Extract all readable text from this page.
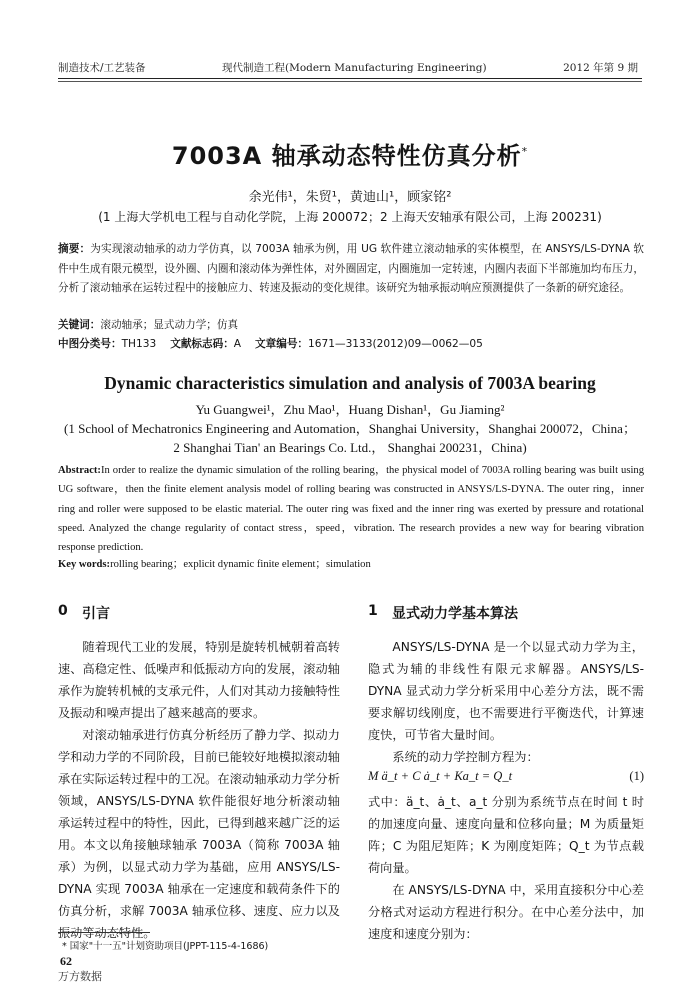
制造技术/工艺装备	现代制造工程(Modern Manufacturing Engineering)	2012 年第 9 期
7003A 轴承动态特性仿真分析*
余光伟¹，朱贸¹，黄迪山¹，顾家铭²
(1 上海大学机电工程与自动化学院，上海 200072；2 上海天安轴承有限公司，上海 200231)
摘要：为实现滚动轴承的动力学仿真，以 7003A 轴承为例，用 UG 软件建立滚动轴承的实体模型，在 ANSYS/LS-DYNA 软件中生成有限元模型，设外圈、内圈和滚动体为弹性体，对外圈固定，内圈施加一定转速，内圈内表面下半部施加均布压力，分析了滚动轴承在运转过程中的接触应力、转速及振动的变化规律。该研究为轴承振动响应预测提供了一条新的研究途径。
关键词：滚动轴承；显式动力学；仿真
中图分类号：TH133 文献标志码：A 文章编号：1671—3133(2012)09—0062—05
Dynamic characteristics simulation and analysis of 7003A bearing
Yu Guangwei¹，Zhu Mao¹，Huang Dishan¹，Gu Jiaming²
(1 School of Mechatronics Engineering and Automation，Shanghai University，Shanghai 200072，China；
2 Shanghai Tian' an Bearings Co. Ltd.， Shanghai 200231，China)
Abstract:In order to realize the dynamic simulation of the rolling bearing，the physical model of 7003A rolling bearing was built using UG software，then the finite element analysis model of rolling bearing was constructed in ANSYS/LS-DYNA. The outer ring，inner ring and roller were supposed to be elastic material. The outer ring was fixed and the inner ring was exerted by pressure and rotational speed. Analyzed the change regularity of contact stress，speed，vibration. The research provides a new way for bearing vibration response prediction.
Key words:rolling bearing；explicit dynamic finite element；simulation
0 引言	1 显式动力学基本算法

随着现代工业的发展，特别是旋转机械朝着高转速、高稳定性、低噪声和低振动方向的发展，滚动轴承作为旋转机械的支承元件，人们对其动力接触特性及振动和噪声提出了越来越高的要求。

对滚动轴承进行仿真分析经历了静力学、拟动力学和动力学的不同阶段，目前已能较好地模拟滚动轴承在实际运转过程中的工况。在滚动轴承动力学分析领域，ANSYS/LS-DYNA 软件能很好地分析滚动轴承运转过程中的特性，因此，已得到越来越广泛的运用。本文以角接触球轴承 7003A（简称 7003A 轴承）为例，以显式动力学为基础，应用 ANSYS/LS-DYNA 实现 7003A 轴承在一定速度和载荷条件下的仿真分析，求解 7003A 轴承位移、速度、应力以及振动等动态特性。

ANSYS/LS-DYNA 是一个以显式动力学为主，隐式为辅的非线性有限元求解器。ANSYS/LS-DYNA 显式动力学分析采用中心差分方法，既不需要求解切线刚度，也不需要进行平衡迭代，计算速度快，可节省大量时间。

系统的动力学控制方程为：

M ä_t + C ȧ_t + Ka_t = Q_t	(1)

式中：ä_t、ȧ_t、a_t 分别为系统节点在时间 t 时的加速度向量、速度向量和位移向量；M 为质量矩阵；C 为阻尼矩阵；K 为刚度矩阵；Q_t 为节点载荷向量。

在 ANSYS/LS-DYNA 中，采用直接积分中心差分格式对运动方程进行积分。在中心差分法中，加速度和速度分别为：

* 国家"十一五"计划资助项目(JPPT-115-4-1686)
62
万方数据
